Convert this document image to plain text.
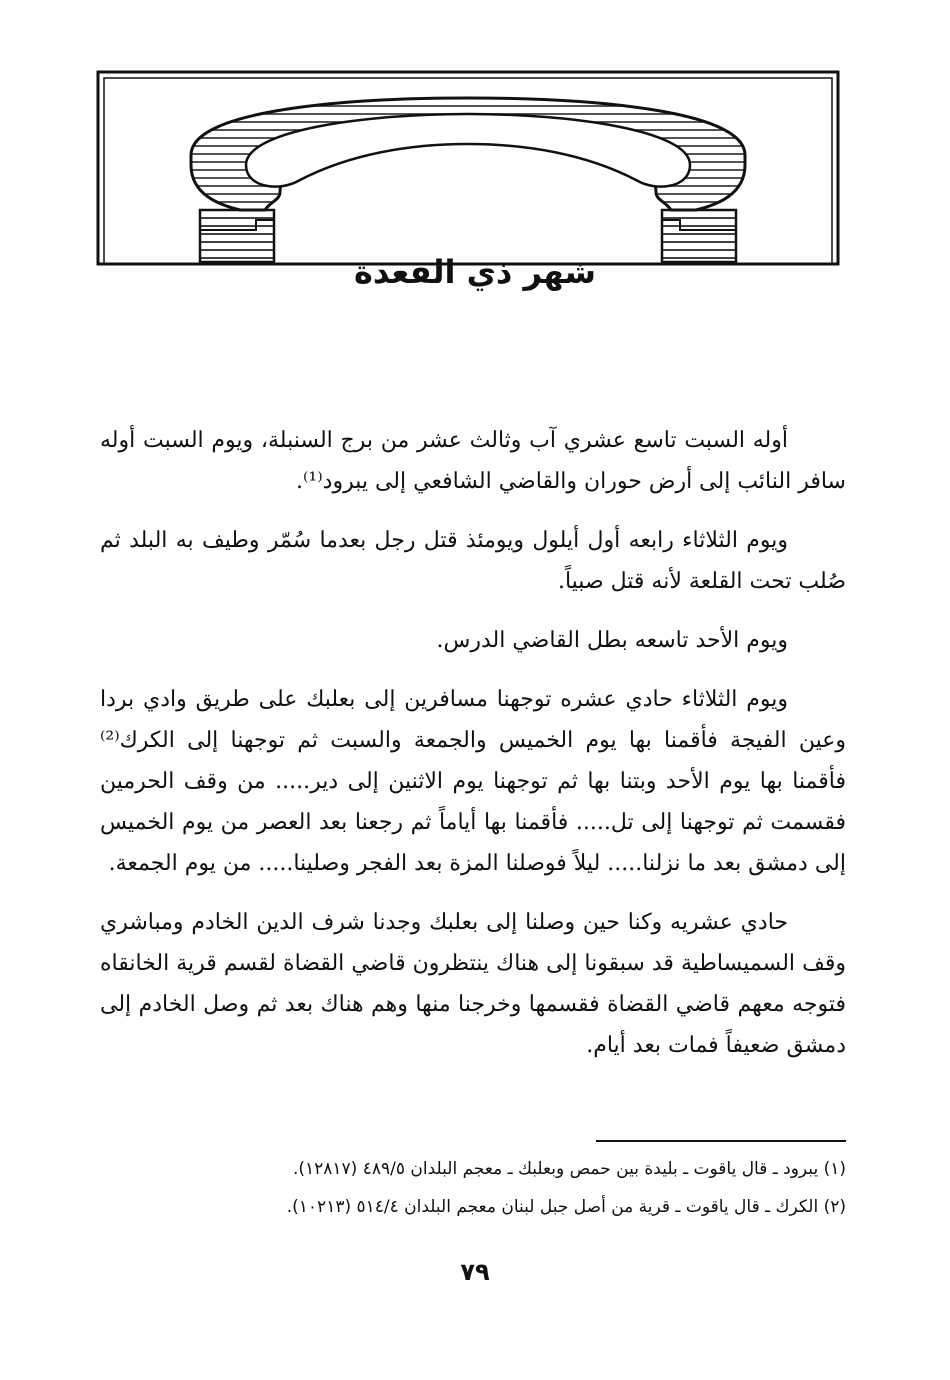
شهر ذي القعدة

أوله السبت تاسع عشري آب وثالث عشر من برج السنبلة، ويوم السبت أوله سافر النائب إلى أرض حوران والقاضي الشافعي إلى يبرود⁽¹⁾.

ويوم الثلاثاء رابعه أول أيلول ويومئذ قتل رجل بعدما سُمّر وطيف به البلد ثم صُلب تحت القلعة لأنه قتل صبياً.

ويوم الأحد تاسعه بطل القاضي الدرس.

ويوم الثلاثاء حادي عشره توجهنا مسافرين إلى بعلبك على طريق وادي بردا وعين الفيجة فأقمنا بها يوم الخميس والجمعة والسبت ثم توجهنا إلى الكرك⁽²⁾ فأقمنا بها يوم الأحد وبتنا بها ثم توجهنا يوم الاثنين إلى دير..... من وقف الحرمين فقسمت ثم توجهنا إلى تل..... فأقمنا بها أياماً ثم رجعنا بعد العصر من يوم الخميس إلى دمشق بعد ما نزلنا..... ليلاً فوصلنا المزة بعد الفجر وصلينا..... من يوم الجمعة.

حادي عشريه وكنا حين وصلنا إلى بعلبك وجدنا شرف الدين الخادم ومباشري وقف السميساطية قد سبقونا إلى هناك ينتظرون قاضي القضاة لقسم قرية الخانقاه فتوجه معهم قاضي القضاة فقسمها وخرجنا منها وهم هناك بعد ثم وصل الخادم إلى دمشق ضعيفاً فمات بعد أيام.

(١) يبرود ـ قال ياقوت ـ بليدة بين حمص وبعلبك ـ معجم البلدان ٤٨٩/٥ (١٢٨١٧).
(٢) الكرك ـ قال ياقوت ـ قرية من أصل جبل لبنان معجم البلدان ٥١٤/٤ (١٠٢١٣).
٧٩
